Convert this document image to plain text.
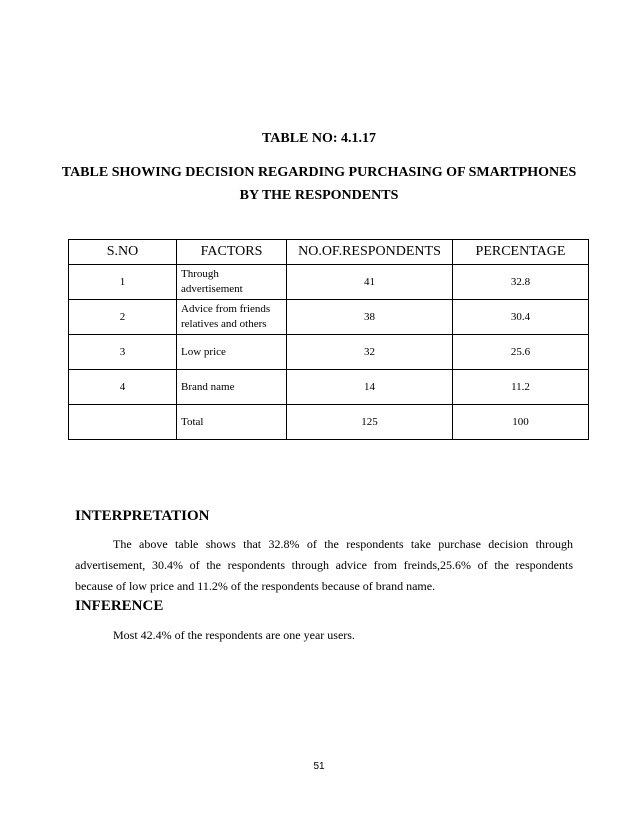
TABLE NO: 4.1.17

TABLE SHOWING DECISION REGARDING PURCHASING OF SMARTPHONES BY THE RESPONDENTS

S.NO	FACTORS	NO.OF.RESPONDENTS	PERCENTAGE
1	Through advertisement	41	32.8
2	Advice from friends relatives and others	38	30.4
3	Low price	32	25.6
4	Brand name	14	11.2
	Total	125	100
INTERPRETATION

The above table shows that 32.8% of the respondents take purchase decision through advertisement, 30.4% of the respondents through advice from freinds,25.6% of the respondents because of low price and 11.2% of the respondents because of brand name.

INFERENCE

Most 42.4% of the respondents are one year users.

51
